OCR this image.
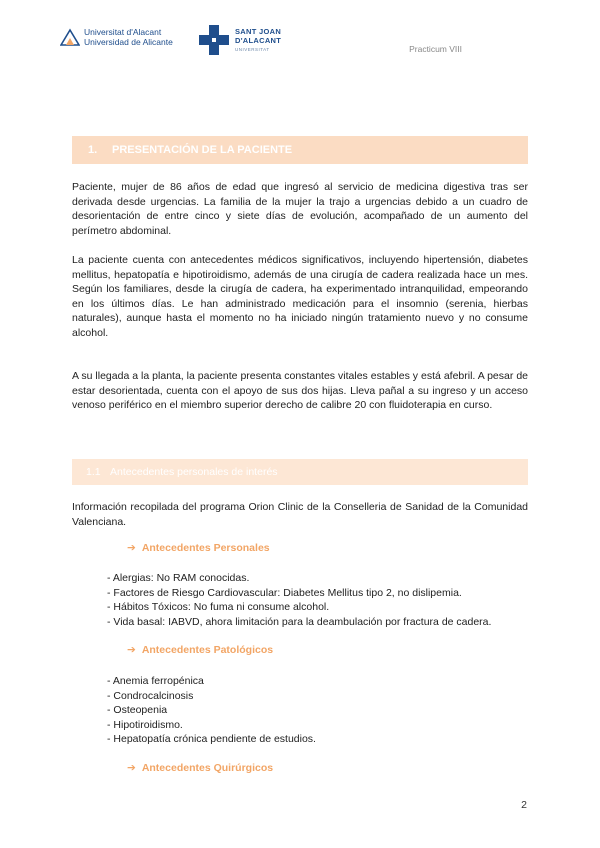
Universitat d'Alacant
Universidad de Alicante
SANT JOAN
D'ALACANT
UNIVERSITAT	Practicum VIII
1.	PRESENTACIÓN DE LA PACIENTE

Paciente, mujer de 86 años de edad que ingresó al servicio de medicina digestiva tras ser derivada desde urgencias. La familia de la mujer la trajo a urgencias debido a un cuadro de desorientación de entre cinco y siete días de evolución, acompañado de un aumento del perímetro abdominal.

La paciente cuenta con antecedentes médicos significativos, incluyendo hipertensión, diabetes mellitus, hepatopatía e hipotiroidismo, además de una cirugía de cadera realizada hace un mes. Según los familiares, desde la cirugía de cadera, ha experimentado intranquilidad, empeorando en los últimos días. Le han administrado medicación para el insomnio (serenia, hierbas naturales), aunque hasta el momento no ha iniciado ningún tratamiento nuevo y no consume alcohol.

A su llegada a la planta, la paciente presenta constantes vitales estables y está afebril. A pesar de estar desorientada, cuenta con el apoyo de sus dos hijas. Lleva pañal a su ingreso y un acceso venoso periférico en el miembro superior derecho de calibre 20 con fluidoterapia en curso.

1.1 Antecedentes personales de interés

Información recopilada del programa Orion Clinic de la Conselleria de Sanidad de la Comunidad Valenciana.

➔ Antecedentes Personales
- Alergias: No RAM conocidas.
- Factores de Riesgo Cardiovascular: Diabetes Mellitus tipo 2, no dislipemia.
- Hábitos Tóxicos: No fuma ni consume alcohol.
- Vida basal: IABVD, ahora limitación para la deambulación por fractura de cadera.
➔ Antecedentes Patológicos
- Anemia ferropénica
- Condrocalcinosis
- Osteopenia
- Hipotiroidismo.
- Hepatopatía crónica pendiente de estudios.
➔ Antecedentes Quirúrgicos
2
